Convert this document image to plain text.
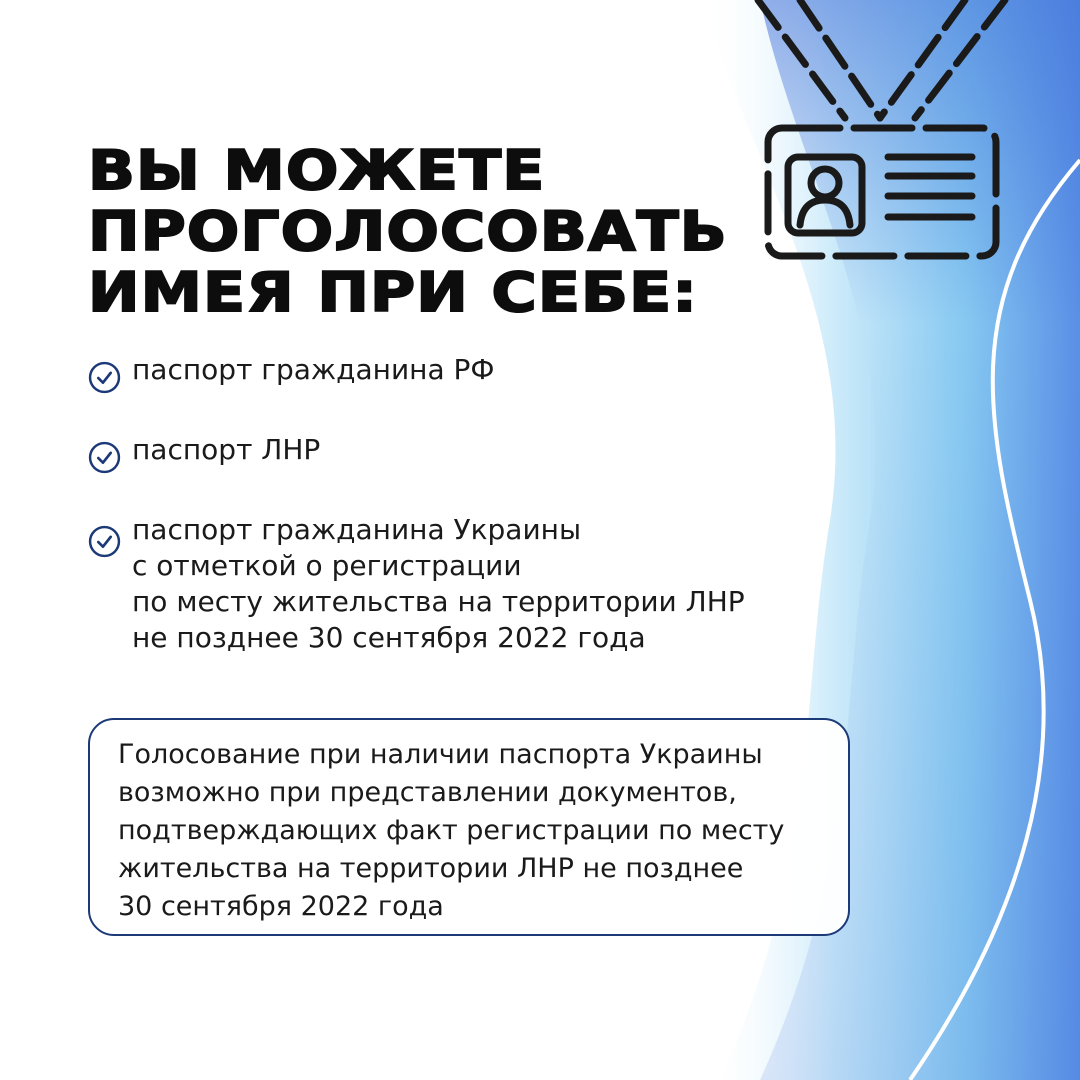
ВЫ МОЖЕТЕ
ПРОГОЛОСОВАТЬ
ИМЕЯ ПРИ СЕБЕ:
паспорт гражданина РФ
паспорт ЛНР
паспорт гражданина Украины
с отметкой о регистрации
по месту жительства на территории ЛНР
не позднее 30 сентября 2022 года
Голосование при наличии паспорта Украины
возможно при представлении документов,
подтверждающих факт регистрации по месту
жительства на территории ЛНР не позднее
30 сентября 2022 года
